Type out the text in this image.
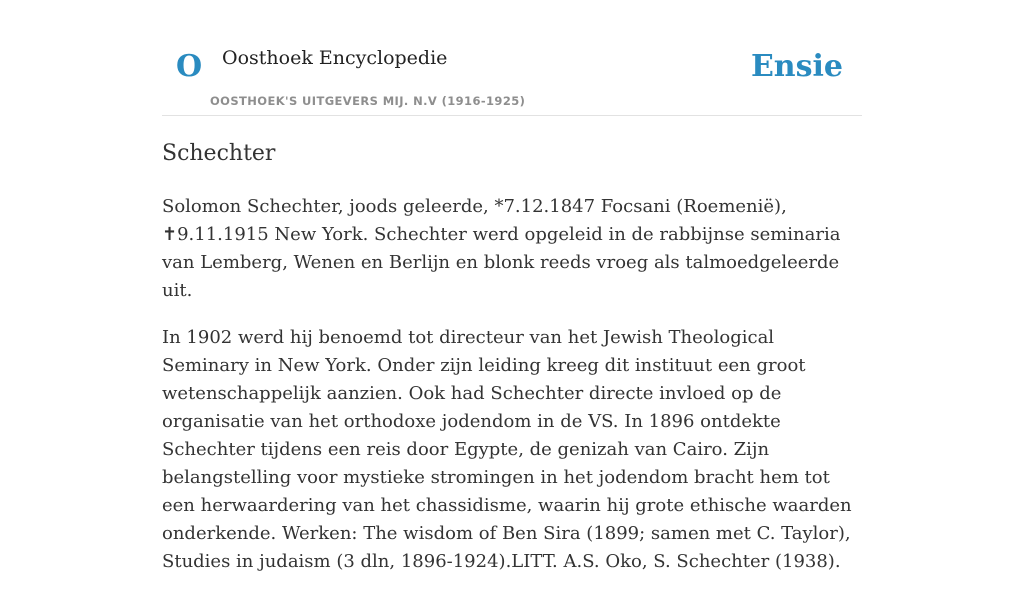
O Oosthoek Encyclopedie
OOSTHOEK'S UITGEVERS MIJ. N.V (1916-1925)
Ensie
Schechter

Solomon Schechter, joods geleerde, *7.12.1847 Focsani (Roemenië), ✝9.11.1915 New York. Schechter werd opgeleid in de rabbijnse seminaria van Lemberg, Wenen en Berlijn en blonk reeds vroeg als talmoedgeleerde uit.

In 1902 werd hij benoemd tot directeur van het Jewish Theological Seminary in New York. Onder zijn leiding kreeg dit instituut een groot wetenschappelijk aanzien. Ook had Schechter directe invloed op de organisatie van het orthodoxe jodendom in de VS. In 1896 ontdekte Schechter tijdens een reis door Egypte, de genizah van Cairo. Zijn belangstelling voor mystieke stromingen in het jodendom bracht hem tot een herwaardering van het chassidisme, waarin hij grote ethische waarden onderkende. Werken: The wisdom of Ben Sira (1899; samen met C. Taylor), Studies in judaism (3 dln, 1896-1924).LITT. A.S. Oko, S. Schechter (1938).
